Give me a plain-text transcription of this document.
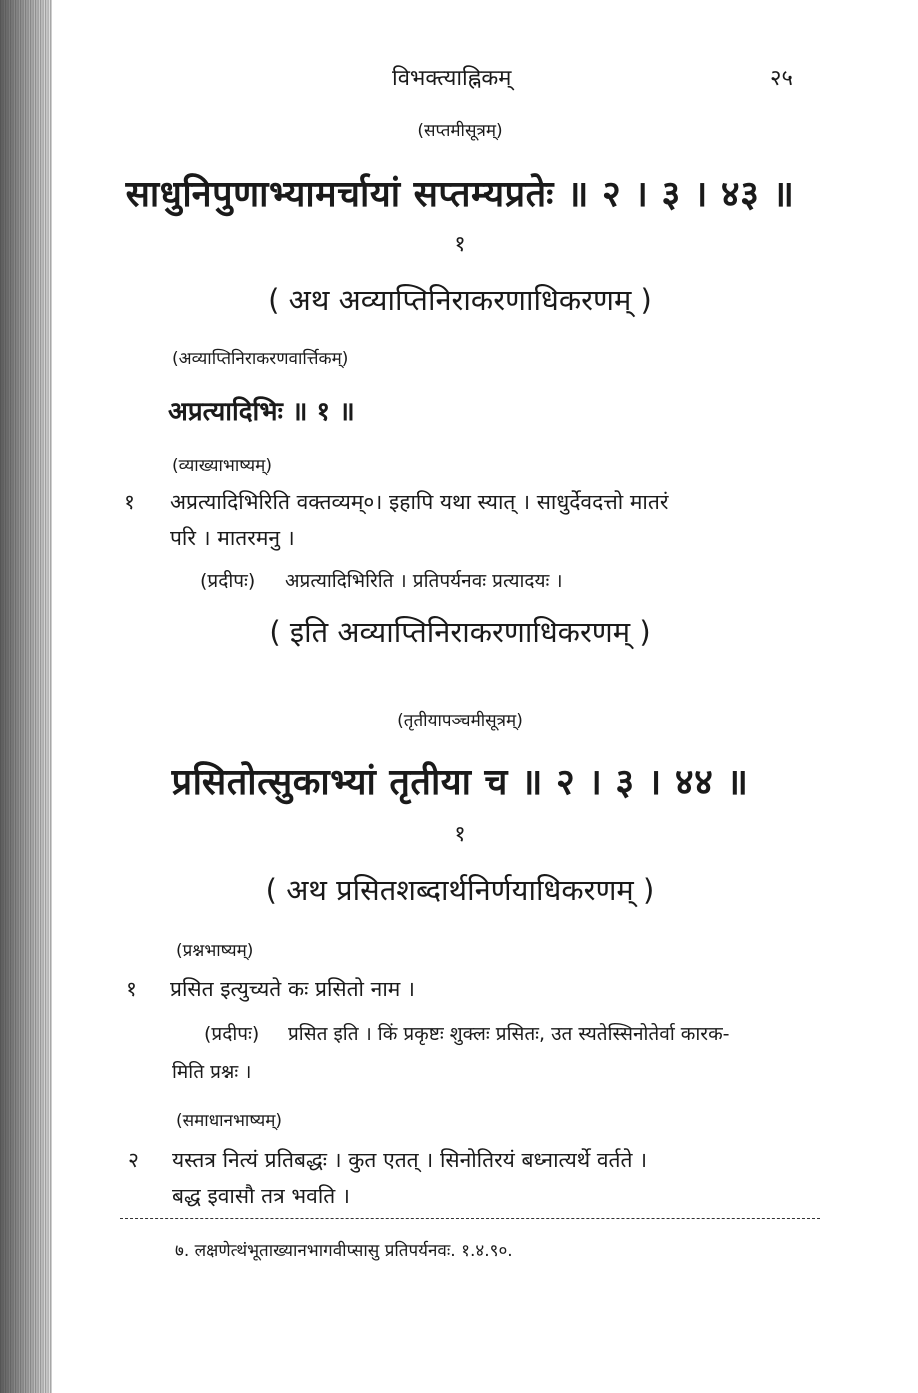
विभक्त्याह्निकम्	२५
(सप्तमीसूत्रम्)
साधुनिपुणाभ्यामर्चायां सप्तम्यप्रतेः ॥ २ । ३ । ४३ ॥
१
( अथ अव्याप्तिनिराकरणाधिकरणम् )
(अव्याप्तिनिराकरणवार्त्तिकम्)
अप्रत्यादिभिः ॥ १ ॥
(व्याख्याभाष्यम्)
१ अप्रत्यादिभिरिति वक्तव्यम्०। इहापि यथा स्यात् । साधुर्देवदत्तो मातरं
परि । मातरमनु ।
(प्रदीपः) अप्रत्यादिभिरिति । प्रतिपर्यनवः प्रत्यादयः ।
( इति अव्याप्तिनिराकरणाधिकरणम् )
(तृतीयापञ्चमीसूत्रम्)
प्रसितोत्सुकाभ्यां तृतीया च ॥ २ । ३ । ४४ ॥
१
( अथ प्रसितशब्दार्थनिर्णयाधिकरणम् )
(प्रश्नभाष्यम्)
१ प्रसित इत्युच्यते कः प्रसितो नाम ।
(प्रदीपः) प्रसित इति । किं प्रकृष्टः शुक्लः प्रसितः, उत स्यतेस्सिनोतेर्वा कारक-
मिति प्रश्नः ।
(समाधानभाष्यम्)
२ यस्तत्र नित्यं प्रतिबद्धः । कुत एतत् । सिनोतिरयं बध्नात्यर्थे वर्तते ।
बद्ध इवासौ तत्र भवति ।
७. लक्षणेत्थंभूताख्यानभागवीप्सासु प्रतिपर्यनवः. १.४.९०.
